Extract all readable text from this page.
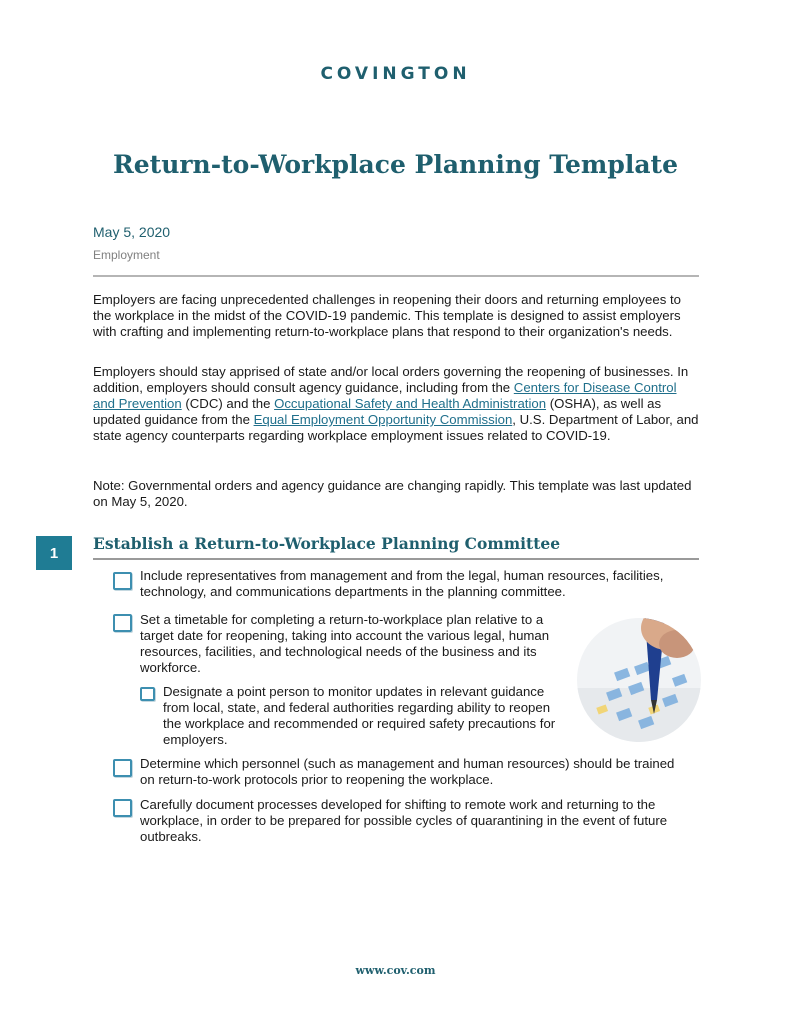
COVINGTON
Return-to-Workplace Planning Template
May 5, 2020
Employment

Employers are facing unprecedented challenges in reopening their doors and returning employees to the workplace in the midst of the COVID-19 pandemic. This template is designed to assist employers with crafting and implementing return-to-workplace plans that respond to their organization's needs.

Employers should stay apprised of state and/or local orders governing the reopening of businesses. In addition, employers should consult agency guidance, including from the Centers for Disease Control and Prevention (CDC) and the Occupational Safety and Health Administration (OSHA), as well as updated guidance from the Equal Employment Opportunity Commission, U.S. Department of Labor, and state agency counterparts regarding workplace employment issues related to COVID-19.

Note: Governmental orders and agency guidance are changing rapidly. This template was last updated on May 5, 2020.

1	Establish a Return-to-Workplace Planning Committee
Include representatives from management and from the legal, human resources, facilities, technology, and communications departments in the planning committee.
Set a timetable for completing a return-to-workplace plan relative to a target date for reopening, taking into account the various legal, human resources, facilities, and technological needs of the business and its workforce.
Designate a point person to monitor updates in relevant guidance from local, state, and federal authorities regarding ability to reopen the workplace and recommended or required safety precautions for employers.
Determine which personnel (such as management and human resources) should be trained on return-to-work protocols prior to reopening the workplace.
Carefully document processes developed for shifting to remote work and returning to the workplace, in order to be prepared for possible cycles of quarantining in the event of future outbreaks.
www.cov.com
